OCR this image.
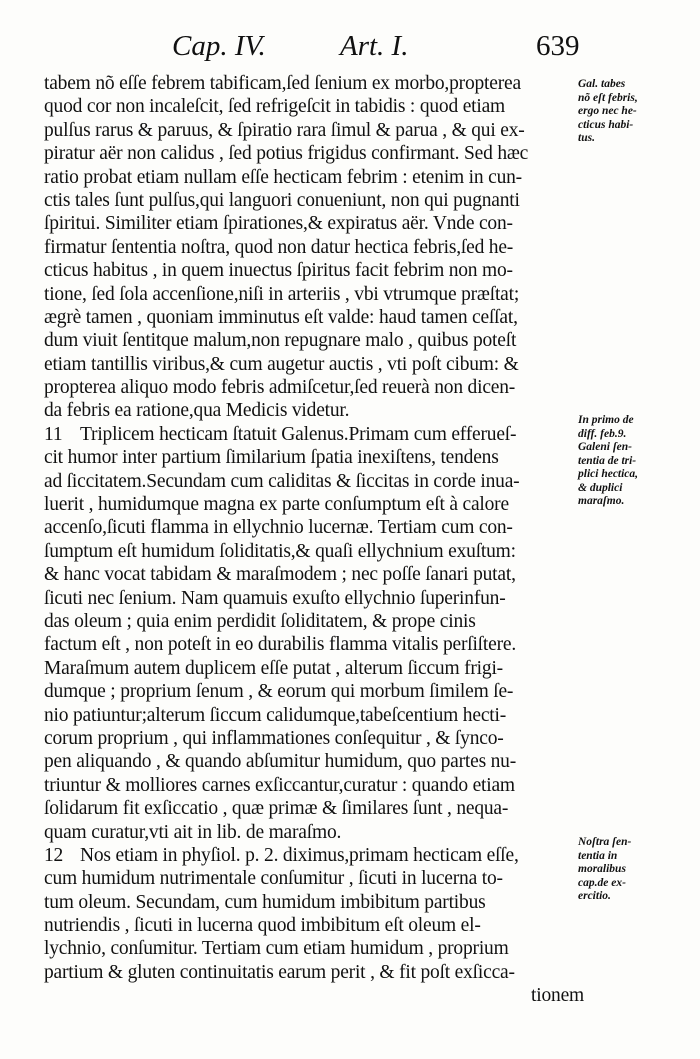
Cap. IV.	Art. I.	639
tabem nõ eſſe febrem tabificam,ſed ſenium ex morbo,propterea
quod cor non incaleſcit, ſed refrigeſcit in tabidis : quod etiam
pulſus rarus & paruus, & ſpiratio rara ſimul & parua , & qui ex-
piratur aër non calidus , ſed potius frigidus confirmant. Sed hæc
ratio probat etiam nullam eſſe hecticam febrim : etenim in cun-
ctis tales ſunt pulſus,qui languori conueniunt, non qui pugnanti
ſpiritui. Similiter etiam ſpirationes,& expiratus aër. Vnde con-
firmatur ſententia noſtra, quod non datur hectica febris,ſed he-
cticus habitus , in quem inuectus ſpiritus facit febrim non mo-
tione, ſed ſola accenſione,niſi in arteriis , vbi vtrumque præſtat;
ægrè tamen , quoniam imminutus eſt valde: haud tamen ceſſat,
dum viuit ſentitque malum,non repugnare malo , quibus poteſt
etiam tantillis viribus,& cum augetur auctis , vti poſt cibum: &
propterea aliquo modo febris admiſcetur,ſed reuerà non dicen-
da febris ea ratione,qua Medicis videtur.
11 Triplicem hecticam ſtatuit Galenus.Primam cum efferueſ-
cit humor inter partium ſimilarium ſpatia inexiſtens, tendens
ad ſiccitatem.Secundam cum caliditas & ſiccitas in corde inua-
luerit , humidumque magna ex parte conſumptum eſt à calore
accenſo,ſicuti flamma in ellychnio lucernæ. Tertiam cum con-
ſumptum eſt humidum ſoliditatis,& quaſi ellychnium exuſtum:
& hanc vocat tabidam & maraſmodem ; nec poſſe ſanari putat,
ſicuti nec ſenium. Nam quamuis exuſto ellychnio ſuperinfun-
das oleum ; quia enim perdidit ſoliditatem, & prope cinis
factum eſt , non poteſt in eo durabilis flamma vitalis perſiſtere.
Maraſmum autem duplicem eſſe putat , alterum ſiccum frigi-
dumque ; proprium ſenum , & eorum qui morbum ſimilem ſe-
nio patiuntur;alterum ſiccum calidumque,tabeſcentium hecti-
corum proprium , qui inflammationes conſequitur , & ſynco-
pen aliquando , & quando abſumitur humidum, quo partes nu-
triuntur & molliores carnes exſiccantur,curatur : quando etiam
ſolidarum fit exſiccatio , quæ primæ & ſimilares ſunt , nequa-
quam curatur,vti ait in lib. de maraſmo.
12 Nos etiam in phyſiol. p. 2. diximus,primam hecticam eſſe,
cum humidum nutrimentale conſumitur , ſicuti in lucerna to-
tum oleum. Secundam, cum humidum imbibitum partibus
nutriendis , ſicuti in lucerna quod imbibitum eſt oleum el-
lychnio, conſumitur. Tertiam cum etiam humidum , proprium
partium & gluten continuitatis earum perit , & fit poſt exſicca-
tionem
Gal. tabes
nõ eſt febris,
ergo nec he-
cticus habi-
tus.
In primo de
diff. feb.9.
Galeni ſen-
tentia de tri-
plici hectica,
& duplici
maraſmo.
Noſtra ſen-
tentia in
moralibus
cap.de ex-
ercitio.
